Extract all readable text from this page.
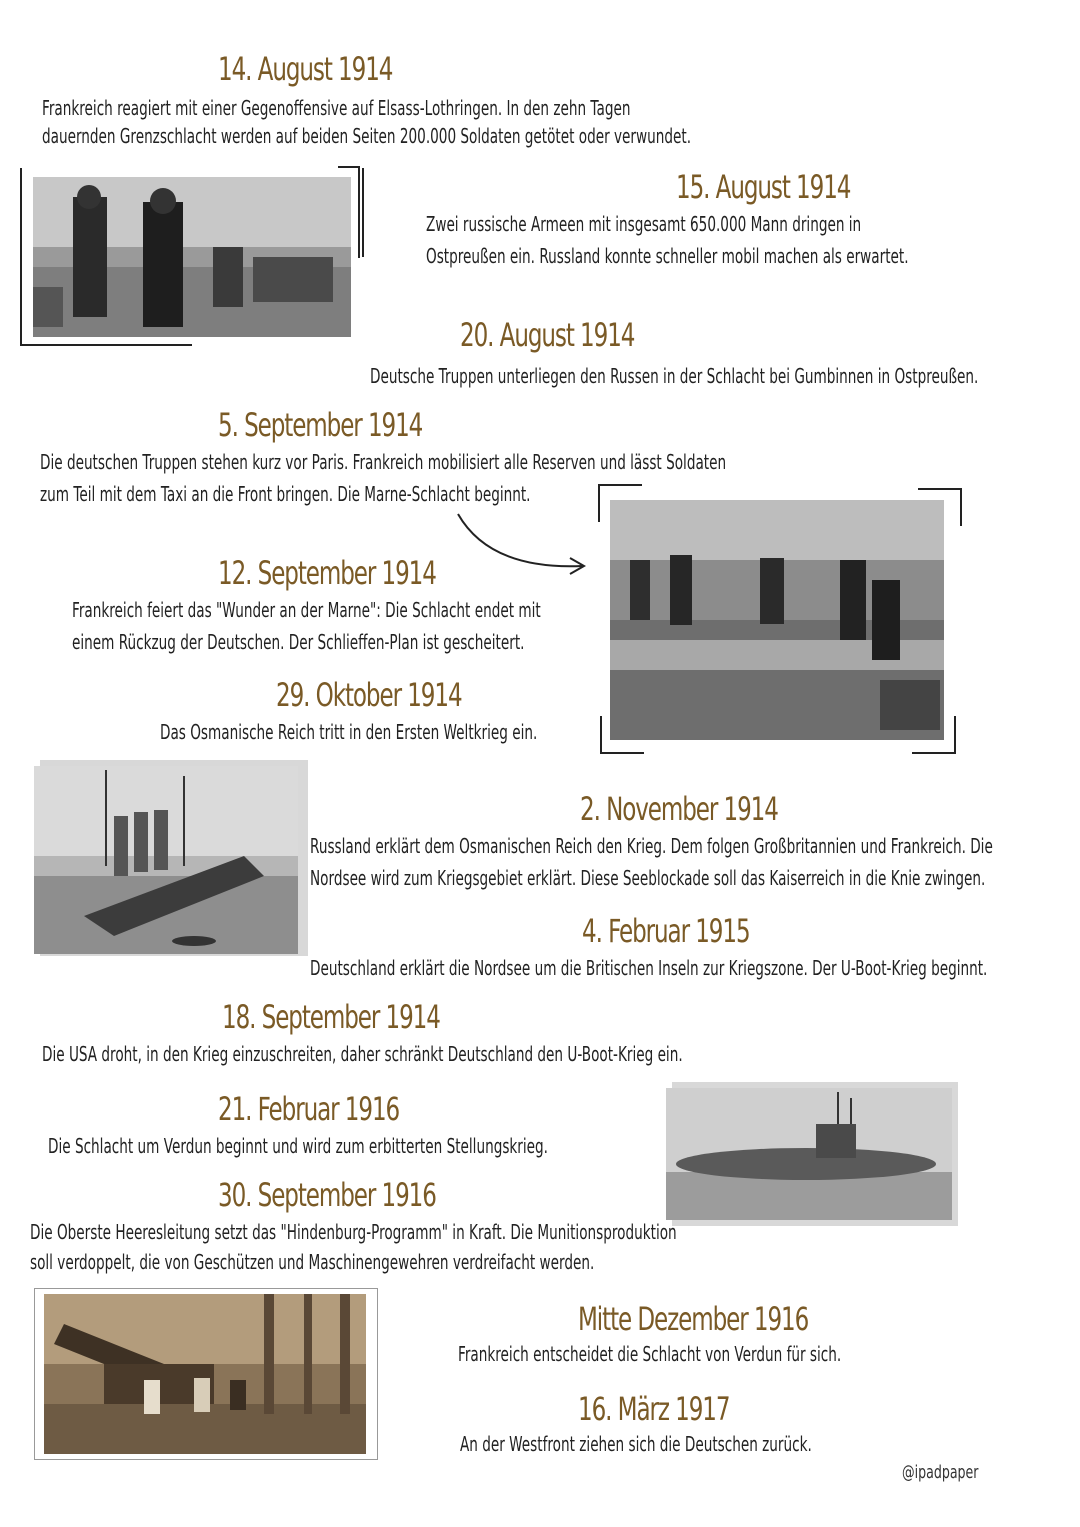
14. August 1914
Frankreich reagiert mit einer Gegenoffensive auf Elsass-Lothringen. In den zehn Tagen
dauernden Grenzschlacht werden auf beiden Seiten 200.000 Soldaten getötet oder verwundet.
15. August 1914
Zwei russische Armeen mit insgesamt 650.000 Mann dringen in
Ostpreußen ein. Russland konnte schneller mobil machen als erwartet.
20. August 1914
Deutsche Truppen unterliegen den Russen in der Schlacht bei Gumbinnen in Ostpreußen.
5. September 1914
Die deutschen Truppen stehen kurz vor Paris. Frankreich mobilisiert alle Reserven und lässt Soldaten
zum Teil mit dem Taxi an die Front bringen. Die Marne-Schlacht beginnt.
12. September 1914
Frankreich feiert das "Wunder an der Marne": Die Schlacht endet mit
einem Rückzug der Deutschen. Der Schlieffen-Plan ist gescheitert.
29. Oktober 1914
Das Osmanische Reich tritt in den Ersten Weltkrieg ein.
2. November 1914
Russland erklärt dem Osmanischen Reich den Krieg. Dem folgen Großbritannien und Frankreich. Die
Nordsee wird zum Kriegsgebiet erklärt. Diese Seeblockade soll das Kaiserreich in die Knie zwingen.
4. Februar 1915
Deutschland erklärt die Nordsee um die Britischen Inseln zur Kriegszone. Der U-Boot-Krieg beginnt.
18. September 1914
Die USA droht, in den Krieg einzuschreiten, daher schränkt Deutschland den U-Boot-Krieg ein.
21. Februar 1916
Die Schlacht um Verdun beginnt und wird zum erbitterten Stellungskrieg.
30. September 1916
Die Oberste Heeresleitung setzt das "Hindenburg-Programm" in Kraft. Die Munitionsproduktion
soll verdoppelt, die von Geschützen und Maschinengewehren verdreifacht werden.
Mitte Dezember 1916
Frankreich entscheidet die Schlacht von Verdun für sich.
16. März 1917
An der Westfront ziehen sich die Deutschen zurück.
@ipadpaper
